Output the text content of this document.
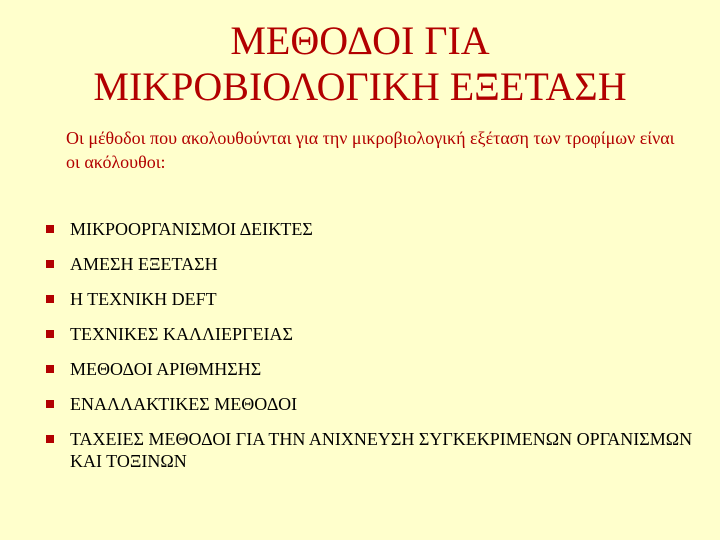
ΜΕΘΟΔΟΙ ΓΙΑ
ΜΙΚΡΟΒΙΟΛΟΓΙΚΗ ΕΞΕΤΑΣΗ
Οι μέθοδοι που ακολουθούνται για την μικροβιολογική εξέταση των τροφίμων είναι οι ακόλουθοι:
ΜΙΚΡΟΟΡΓΑΝΙΣΜΟΙ ΔΕΙΚΤΕΣ
ΑΜΕΣΗ ΕΞΕΤΑΣΗ
Η ΤΕΧΝΙΚΗ DEFT
ΤΕΧΝΙΚΕΣ ΚΑΛΛΙΕΡΓΕΙΑΣ
ΜΕΘΟΔΟΙ ΑΡΙΘΜΗΣΗΣ
ΕΝΑΛΛΑΚΤΙΚΕΣ ΜΕΘΟΔΟΙ
ΤΑΧΕΙΕΣ ΜΕΘΟΔΟΙ ΓΙΑ ΤΗΝ ΑΝΙΧΝΕΥΣΗ ΣΥΓΚΕΚΡΙΜΕΝΩΝ ΟΡΓΑΝΙΣΜΩΝ ΚΑΙ ΤΟΞΙΝΩΝ
